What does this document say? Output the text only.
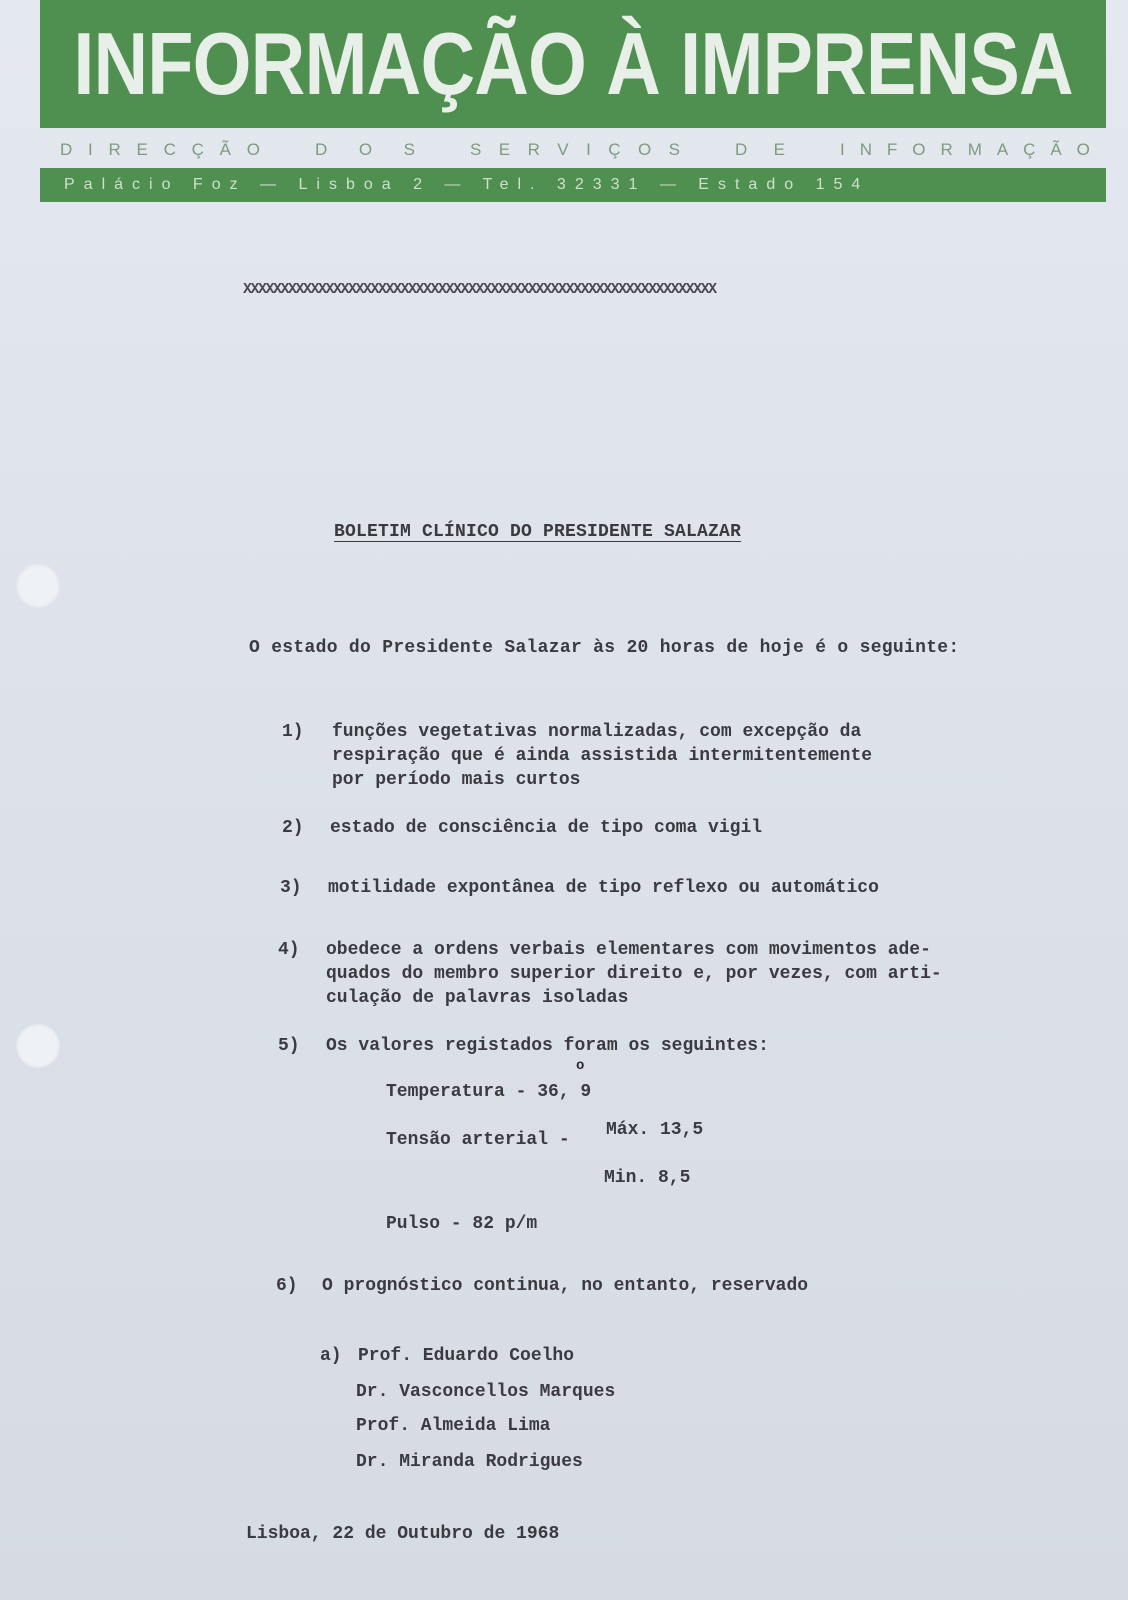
INFORMAÇÃO À IMPRENSA
D I R E C Ç Ã O	D O S	S E R V I Ç O S	D E	I N F O R M A Ç Ã O
Palácio Foz — Lisboa 2 — Tel. 32331 — Estado 154
XXXXXXXXXXXXXXXXXXXXXXXXXXXXXXXXXXXXXXXXXXXXXXXXXXXXXXXXXXXXXXX
BOLETIM CLÍNICO DO PRESIDENTE SALAZAR
O estado do Presidente Salazar às 20 horas de hoje é o seguinte:
1) funções vegetativas normalizadas, com excepção da
respiração que é ainda assistida intermitentemente
por período mais curtos
2) estado de consciência de tipo coma vigil
3) motilidade expontânea de tipo reflexo ou automático
4) obedece a ordens verbais elementares com movimentos ade-
quados do membro superior direito e, por vezes, com arti-
culação de palavras isoladas
5) Os valores registados foram os seguintes:
o
Temperatura - 36, 9
Máx. 13,5
Tensão arterial -
Min. 8,5
Pulso - 82 p/m
6) O prognóstico continua, no entanto, reservado
a) Prof. Eduardo Coelho
Dr. Vasconcellos Marques
Prof. Almeida Lima
Dr. Miranda Rodrigues
Lisboa, 22 de Outubro de 1968
